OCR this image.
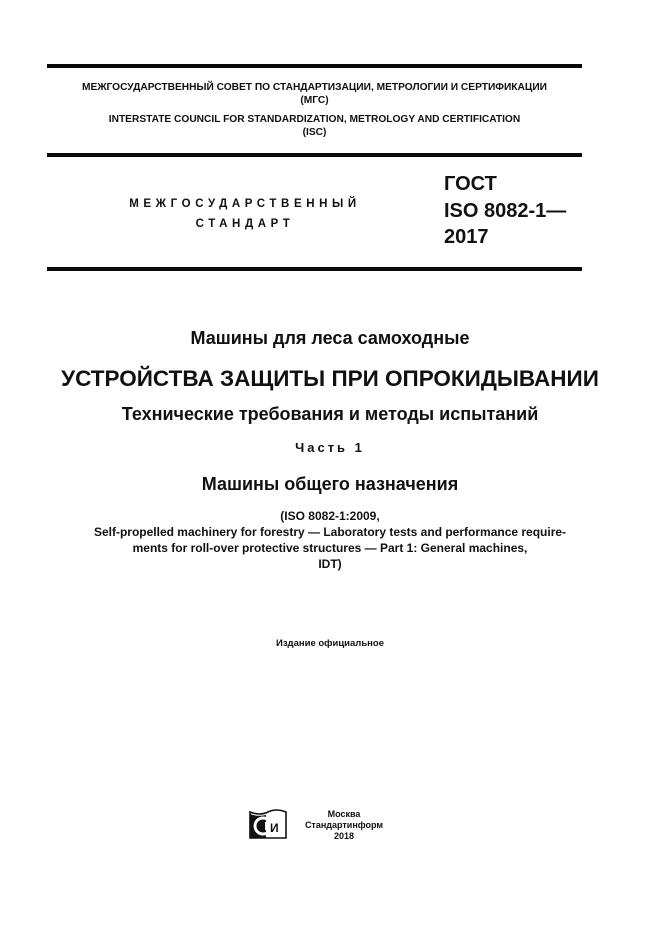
МЕЖГОСУДАРСТВЕННЫЙ СОВЕТ ПО СТАНДАРТИЗАЦИИ, МЕТРОЛОГИИ И СЕРТИФИКАЦИИ
(МГС)
INTERSTATE COUNCIL FOR STANDARDIZATION, METROLOGY AND CERTIFICATION
(ISC)
МЕЖГОСУДАРСТВЕННЫЙ
СТАНДАРТ
ГОСТ
ISO 8082-1—
2017
Машины для леса самоходные
УСТРОЙСТВА ЗАЩИТЫ ПРИ ОПРОКИДЫВАНИИ
Технические требования и методы испытаний
Часть 1
Машины общего назначения
(ISO 8082-1:2009,
Self-propelled machinery for forestry — Laboratory tests and performance require-
ments for roll-over protective structures — Part 1: General machines,
IDT)
Издание официальное
И
Москва
Стандартинформ
2018
